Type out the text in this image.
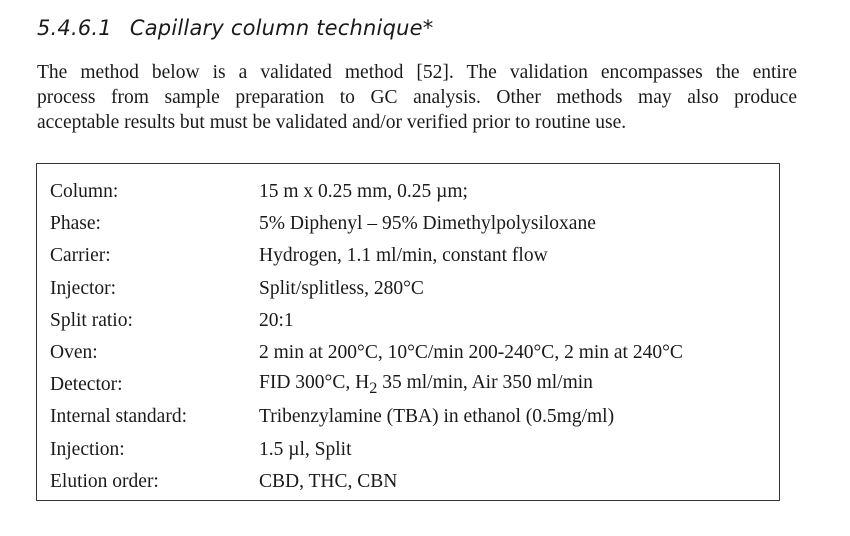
5.4.6.1 Capillary column technique*
The method below is a validated method [52]. The validation encompasses the entire
process from sample preparation to GC analysis. Other methods may also produce
acceptable results but must be validated and/or verified prior to routine use.
Column:	15 m x 0.25 mm, 0.25 µm;
Phase:	5% Diphenyl – 95% Dimethylpolysiloxane
Carrier:	Hydrogen, 1.1 ml/min, constant flow
Injector:	Split/splitless, 280°C
Split ratio:	20:1
Oven:	2 min at 200°C, 10°C/min 200-240°C, 2 min at 240°C
Detector:	FID 300°C, $H_2$ 35 ml/min, Air 350 ml/min
Internal standard:	Tribenzylamine (TBA) in ethanol (0.5mg/ml)
Injection:	1.5 µl, Split
Elution order:	CBD, THC, CBN
